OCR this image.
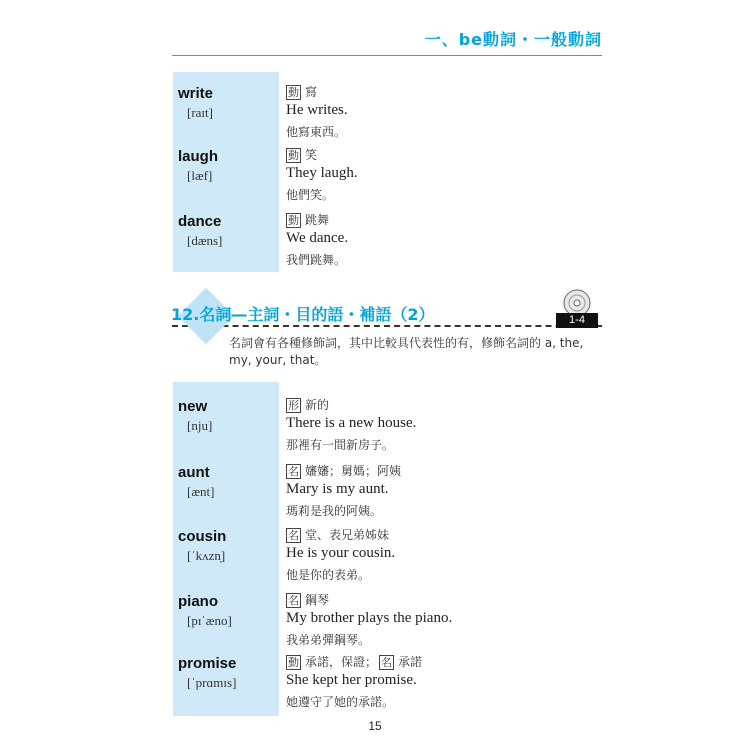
一、be動詞・一般動詞
write
[raɪt]
動 寫
He writes.
他寫東西。
laugh
[læf]
動 笑
They laugh.
他們笑。
dance
[dæns]
動 跳舞
We dance.
我們跳舞。
12.名詞—主詞・目的語・補語（2）	1-4
名詞會有各種修飾詞，其中比較具代表性的有，修飾名詞的 a, the, my, your, that。
new
[nju]
形 新的
There is a new house.
那裡有一間新房子。
aunt
[ænt]
名 嬸嬸；舅媽；阿姨
Mary is my aunt.
瑪莉是我的阿姨。
cousin
[ˈkʌzn̩]
名 堂、表兄弟姊妹
He is your cousin.
他是你的表弟。
piano
[pɪˈæno]
名 鋼琴
My brother plays the piano.
我弟弟彈鋼琴。
promise
[ˈprɑmɪs]
動 承諾，保證； 名 承諾
She kept her promise.
她遵守了她的承諾。
15
